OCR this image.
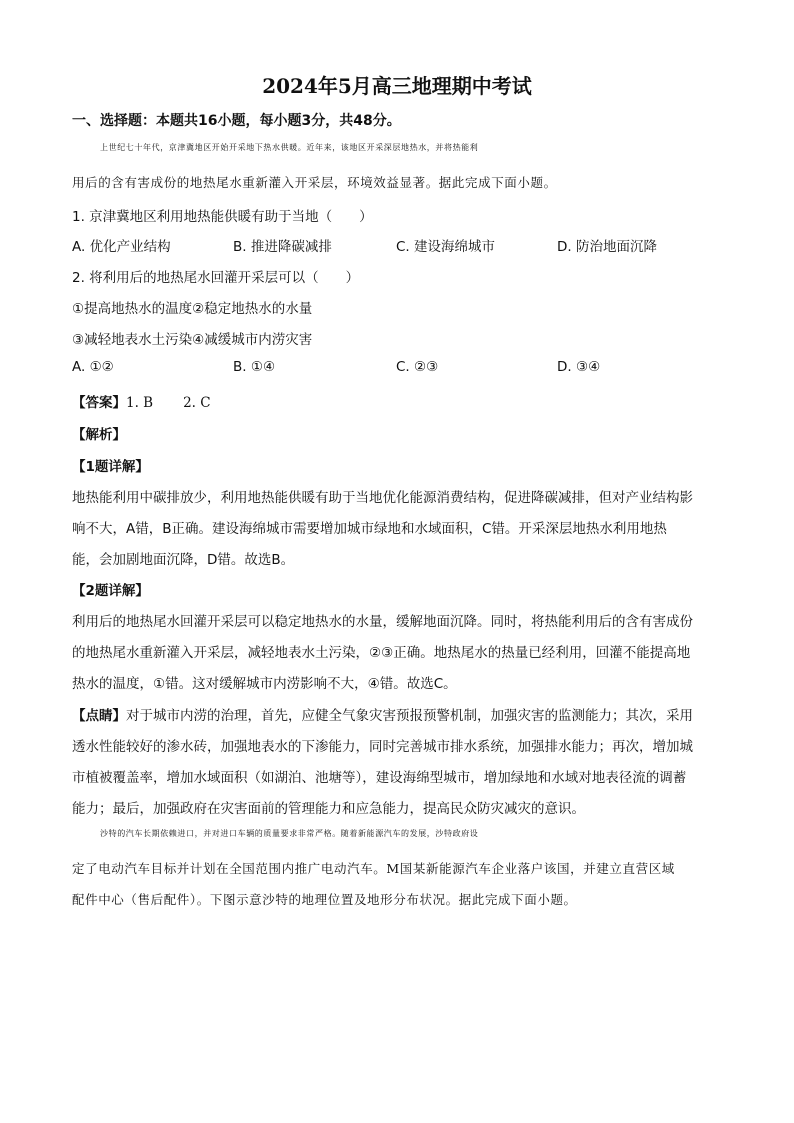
2024年5月高三地理期中考试
一、选择题：本题共16小题，每小题3分，共48分。
上世纪七十年代，京津冀地区开始开采地下热水供暖。近年来，该地区开采深层地热水，并将热能利
用后的含有害成份的地热尾水重新灌入开采层，环境效益显著。据此完成下面小题。
1. 京津冀地区利用地热能供暖有助于当地（　　）
A. 优化产业结构	B. 推进降碳减排	C. 建设海绵城市	D. 防治地面沉降
2. 将利用后的地热尾水回灌开采层可以（　　）
①提高地热水的温度②稳定地热水的水量
③减轻地表水土污染④减缓城市内涝灾害
A. ①②	B. ①④	C. ②③	D. ③④
【答案】1. B 2. C
【解析】
【1题详解】
地热能利用中碳排放少，利用地热能供暖有助于当地优化能源消费结构，促进降碳减排，但对产业结构影
响不大，A错，B正确。建设海绵城市需要增加城市绿地和水域面积，C错。开采深层地热水利用地热
能，会加剧地面沉降，D错。故选B。
【2题详解】
利用后的地热尾水回灌开采层可以稳定地热水的水量，缓解地面沉降。同时，将热能利用后的含有害成份
的地热尾水重新灌入开采层，减轻地表水土污染，②③正确。地热尾水的热量已经利用，回灌不能提高地
热水的温度，①错。这对缓解城市内涝影响不大，④错。故选C。
【点睛】对于城市内涝的治理，首先，应健全气象灾害预报预警机制，加强灾害的监测能力；其次，采用
透水性能较好的渗水砖，加强地表水的下渗能力，同时完善城市排水系统，加强排水能力；再次，增加城
市植被覆盖率，增加水域面积（如湖泊、池塘等），建设海绵型城市，增加绿地和水域对地表径流的调蓄
能力；最后，加强政府在灾害面前的管理能力和应急能力，提高民众防灾减灾的意识。
沙特的汽车长期依赖进口，并对进口车辆的质量要求非常严格。随着新能源汽车的发展，沙特政府设
定了电动汽车目标并计划在全国范围内推广电动汽车。M国某新能源汽车企业落户该国，并建立直营区域
配件中心（售后配件）。下图示意沙特的地理位置及地形分布状况。据此完成下面小题。
